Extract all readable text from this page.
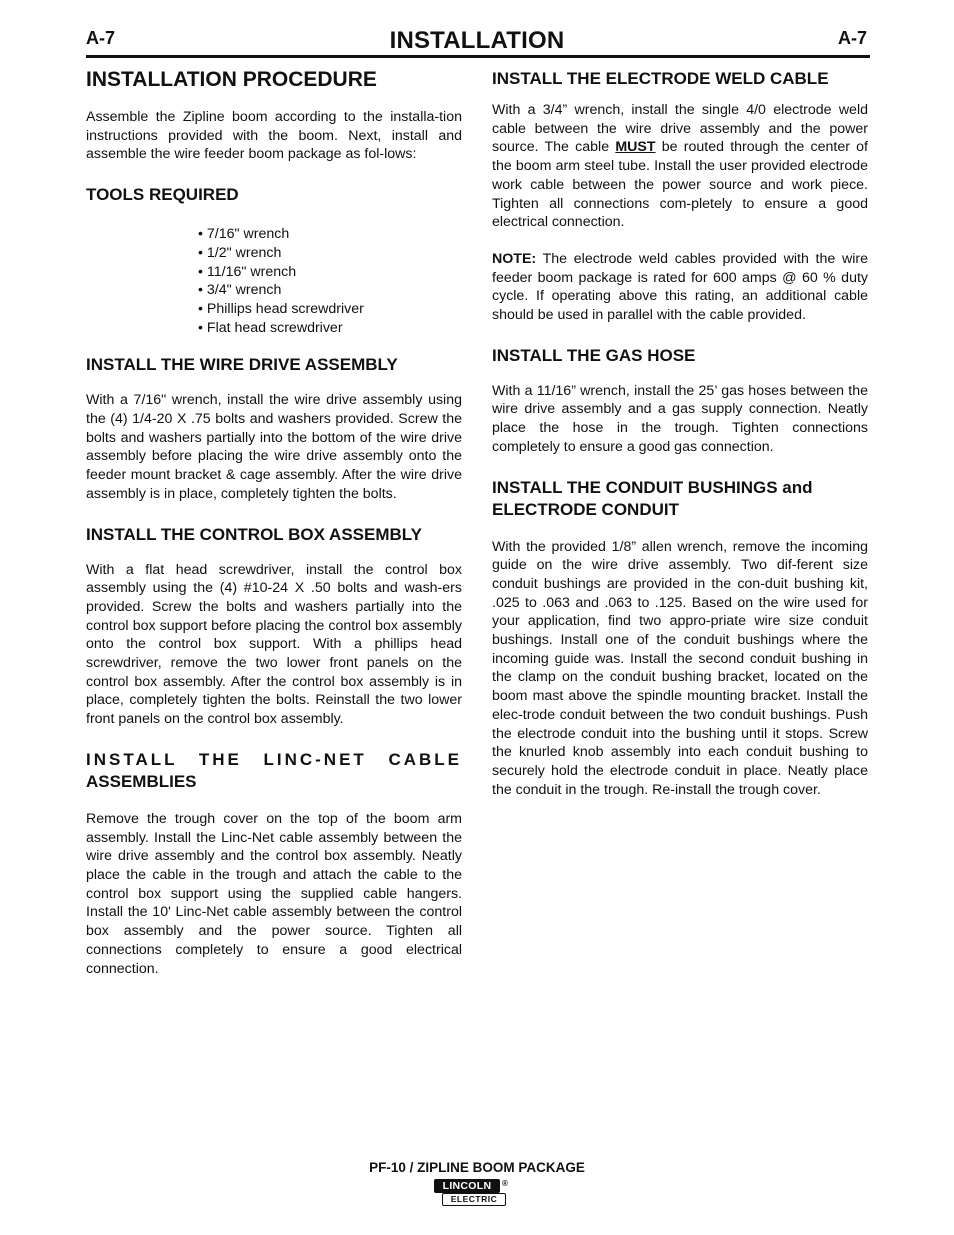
A-7	INSTALLATION	A-7
INSTALLATION PROCEDURE

Assemble the Zipline boom according to the installa-tion instructions provided with the boom. Next, install and assemble the wire feeder boom package as fol-lows:

TOOLS REQUIRED
• 7/16" wrench
• 1/2" wrench
• 11/16" wrench
• 3/4" wrench
• Phillips head screwdriver
• Flat head screwdriver
INSTALL THE WIRE DRIVE ASSEMBLY

With a 7/16" wrench, install the wire drive assembly using the (4) 1/4-20 X .75 bolts and washers provided. Screw the bolts and washers partially into the bottom of the wire drive assembly before placing the wire drive assembly onto the feeder mount bracket & cage assembly. After the wire drive assembly is in place, completely tighten the bolts.

INSTALL THE CONTROL BOX ASSEMBLY

With a flat head screwdriver, install the control box assembly using the (4) #10-24 X .50 bolts and wash-ers provided. Screw the bolts and washers partially into the control box support before placing the control box assembly onto the control box support. With a phillips head screwdriver, remove the two lower front panels on the control box assembly. After the control box assembly is in place, completely tighten the bolts. Reinstall the two lower front panels on the control box assembly.

INSTALL THE LINC-NET CABLE
ASSEMBLIES

Remove the trough cover on the top of the boom arm assembly. Install the Linc-Net cable assembly between the wire drive assembly and the control box assembly. Neatly place the cable in the trough and attach the cable to the control box support using the supplied cable hangers. Install the 10' Linc-Net cable assembly between the control box assembly and the power source. Tighten all connections completely to ensure a good electrical connection.

INSTALL THE ELECTRODE WELD CABLE

With a 3/4” wrench, install the single 4/0 electrode weld cable between the wire drive assembly and the power source. The cable MUST be routed through the center of the boom arm steel tube. Install the user provided electrode work cable between the power source and work piece. Tighten all connections com-pletely to ensure a good electrical connection.

NOTE: The electrode weld cables provided with the wire feeder boom package is rated for 600 amps @ 60 % duty cycle. If operating above this rating, an additional cable should be used in parallel with the cable provided.

INSTALL THE GAS HOSE

With a 11/16” wrench, install the 25’ gas hoses between the wire drive assembly and a gas supply connection. Neatly place the hose in the trough. Tighten connections completely to ensure a good gas connection.

INSTALL THE CONDUIT BUSHINGS and ELECTRODE CONDUIT

With the provided 1/8” allen wrench, remove the incoming guide on the wire drive assembly. Two dif-ferent size conduit bushings are provided in the con-duit bushing kit, .025 to .063 and .063 to .125. Based on the wire used for your application, find two appro-priate wire size conduit bushings. Install one of the conduit bushings where the incoming guide was. Install the second conduit bushing in the clamp on the conduit bushing bracket, located on the boom mast above the spindle mounting bracket. Install the elec-trode conduit between the two conduit bushings. Push the electrode conduit into the bushing until it stops. Screw the knurled knob assembly into each conduit bushing to securely hold the electrode conduit in place. Neatly place the conduit in the trough. Re-install the trough cover.

PF-10 / ZIPLINE BOOM PACKAGE
LINCOLN
ELECTRIC
®
